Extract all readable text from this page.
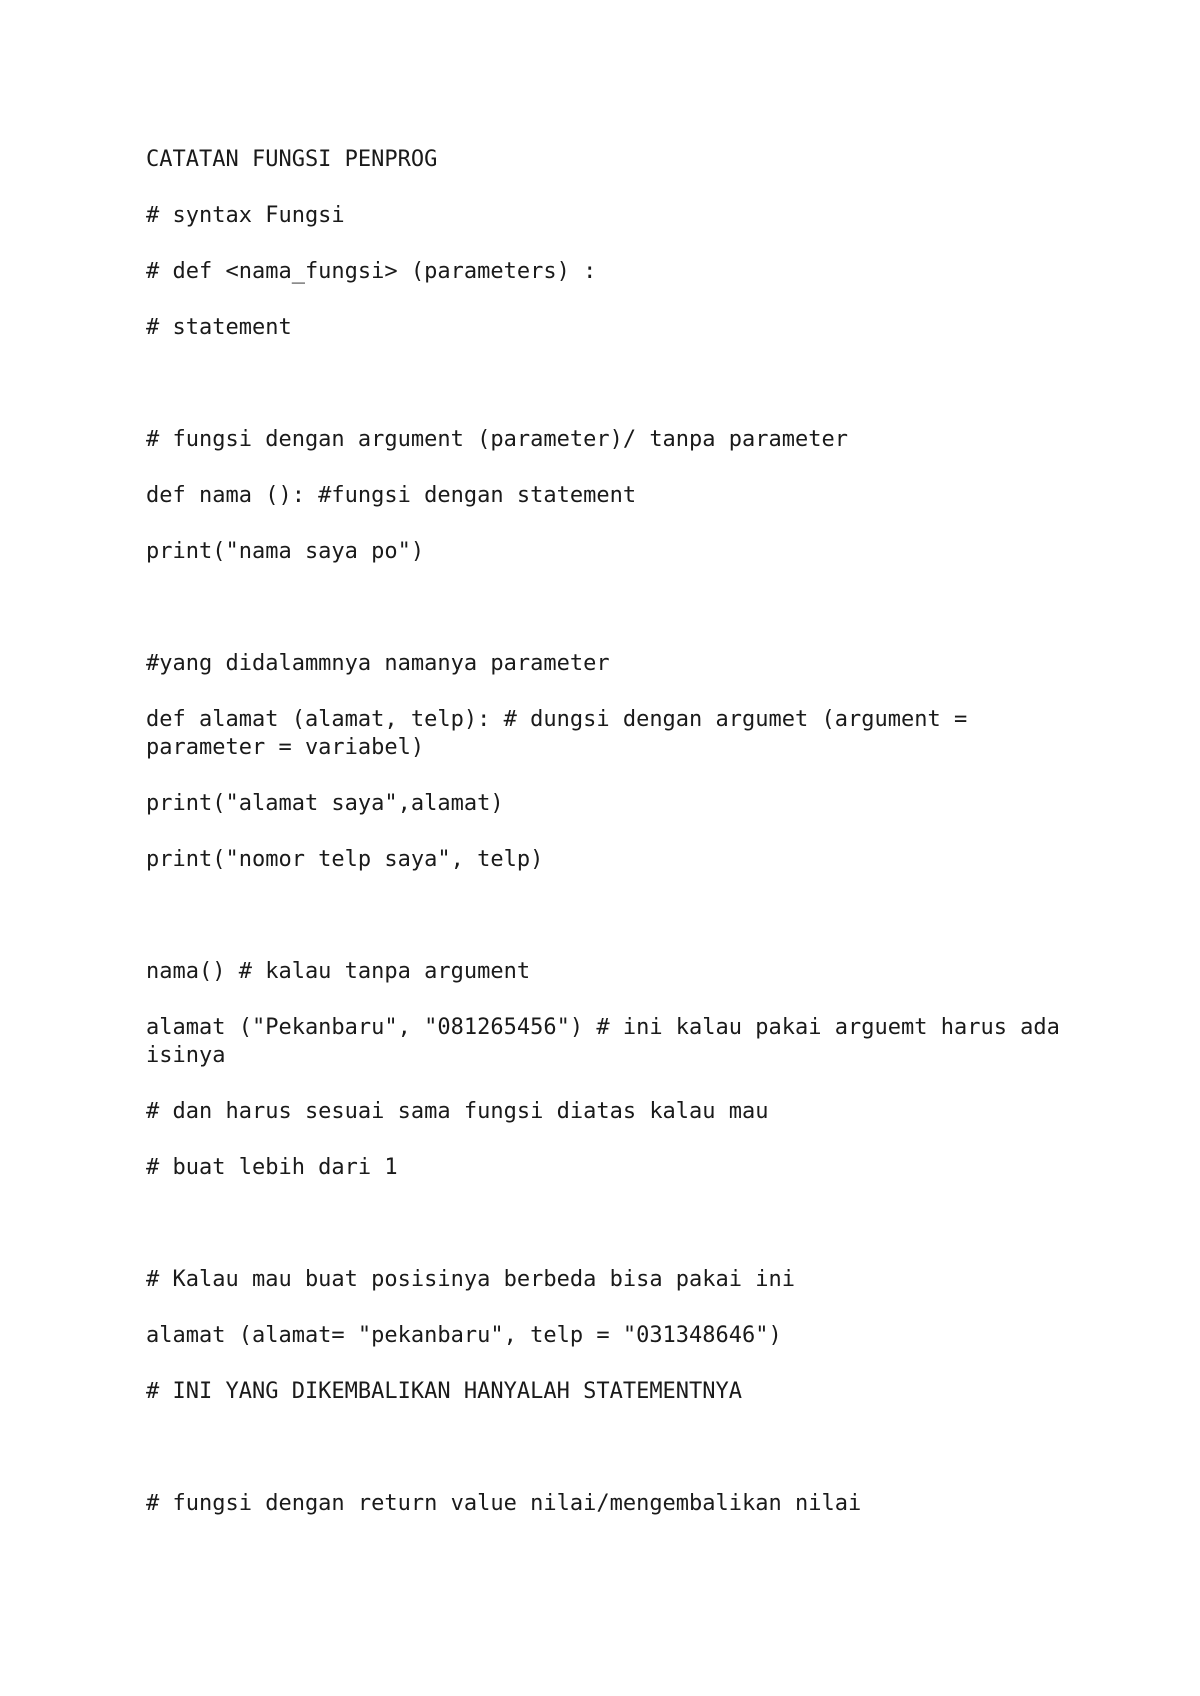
CATATAN FUNGSI PENPROG

# syntax Fungsi

# def <nama_fungsi> (parameters) :

# statement

# fungsi dengan argument (parameter)/ tanpa parameter

def nama (): #fungsi dengan statement

print("nama saya po")

#yang didalammnya namanya parameter

def alamat (alamat, telp): # dungsi dengan argumet (argument = parameter = variabel)

print("alamat saya",alamat)

print("nomor telp saya", telp)

nama() # kalau tanpa argument

alamat ("Pekanbaru", "081265456") # ini kalau pakai arguemt harus ada isinya

# dan harus sesuai sama fungsi diatas kalau mau

# buat lebih dari 1

# Kalau mau buat posisinya berbeda bisa pakai ini

alamat (alamat= "pekanbaru", telp = "031348646")

# INI YANG DIKEMBALIKAN HANYALAH STATEMENTNYA

# fungsi dengan return value nilai/mengembalikan nilai
